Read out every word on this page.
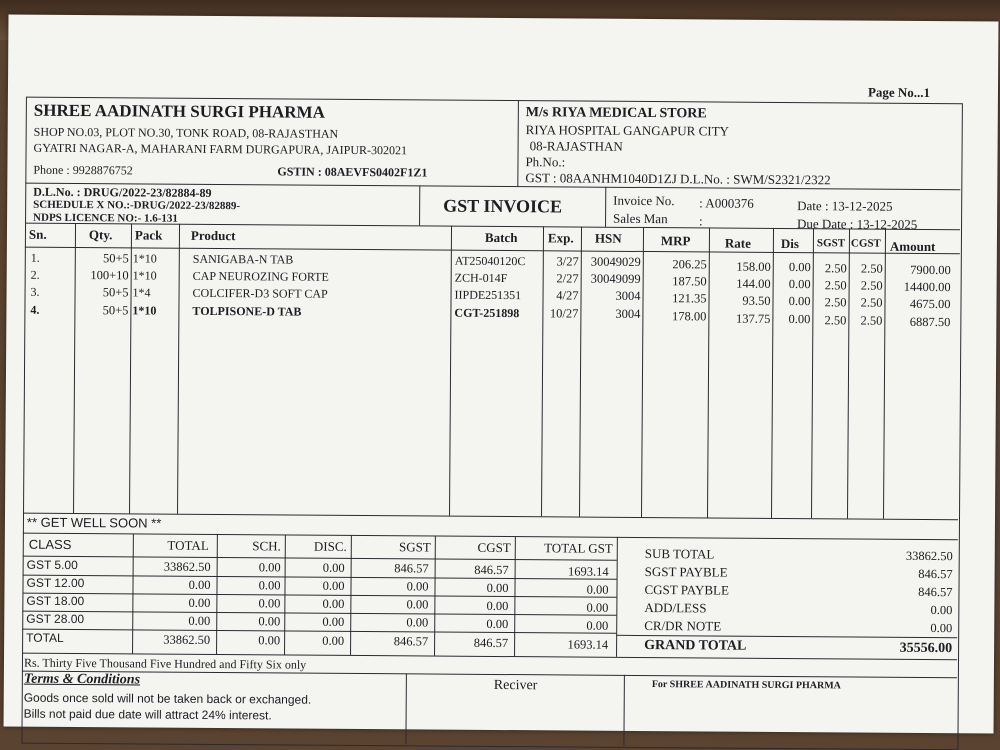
Page No...1
SHREE AADINATH SURGI PHARMA
SHOP NO.03, PLOT NO.30, TONK ROAD, 08-RAJASTHAN
GYATRI NAGAR-A, MAHARANI FARM DURGAPURA, JAIPUR-302021
Phone : 9928876752	GSTIN : 08AEVFS0402F1Z1
M/s RIYA MEDICAL STORE
RIYA HOSPITAL GANGAPUR CITY
08-RAJASTHAN
Ph.No.:
GST : 08AANHM1040D1ZJ D.L.No. : SWM/S2321/2322
D.L.No. : DRUG/2022-23/82884-89
SCHEDULE X NO.:-DRUG/2022-23/82889-
NDPS LICENCE NO:- 1.6-131
GST INVOICE	Invoice No. : A000376	Date : 13-12-2025
Sales Man :	Due Date : 13-12-2025
Sn.	Qty. Pack Product	Batch Exp. HSN	MRP	Rate Dis SGST CGST Amount
1.	50+5 1*10	SANIGABA-N TAB	AT25040120C	3/27 30049029	206.25	158.00	0.00	2.50	2.50	7900.00
2.	100+10 1*10	CAP NEUROZING FORTE	ZCH-014F	2/27 30049099	187.50	144.00	0.00	2.50	2.50	14400.00
3.	50+5 1*4	COLCIFER-D3 SOFT CAP	IIPDE251351	4/27	3004	121.35	93.50	0.00	2.50	2.50	4675.00
4.	50+5 1*10	TOLPISONE-D TAB	CGT-251898	10/27	3004	178.00	137.75	0.00	2.50	2.50	6887.50
** GET WELL SOON **
CLASS	TOTAL	SCH.	DISC.	SGST	CGST	TOTAL GST
GST 5.00	33862.50	0.00	0.00	846.57	846.57	1693.14
GST 12.00	0.00	0.00	0.00	0.00	0.00	0.00
GST 18.00	0.00	0.00	0.00	0.00	0.00	0.00
GST 28.00	0.00	0.00	0.00	0.00	0.00	0.00
TOTAL	33862.50	0.00	0.00	846.57	846.57	1693.14
SUB TOTAL	33862.50
SGST PAYBLE	846.57
CGST PAYBLE	846.57
ADD/LESS	0.00
CR/DR NOTE	0.00
GRAND TOTAL	35556.00
Rs. Thirty Five Thousand Five Hundred and Fifty Six only
Terms & Conditions
Goods once sold will not be taken back or exchanged.
Bills not paid due date will attract 24% interest.
Reciver	For SHREE AADINATH SURGI PHARMA
